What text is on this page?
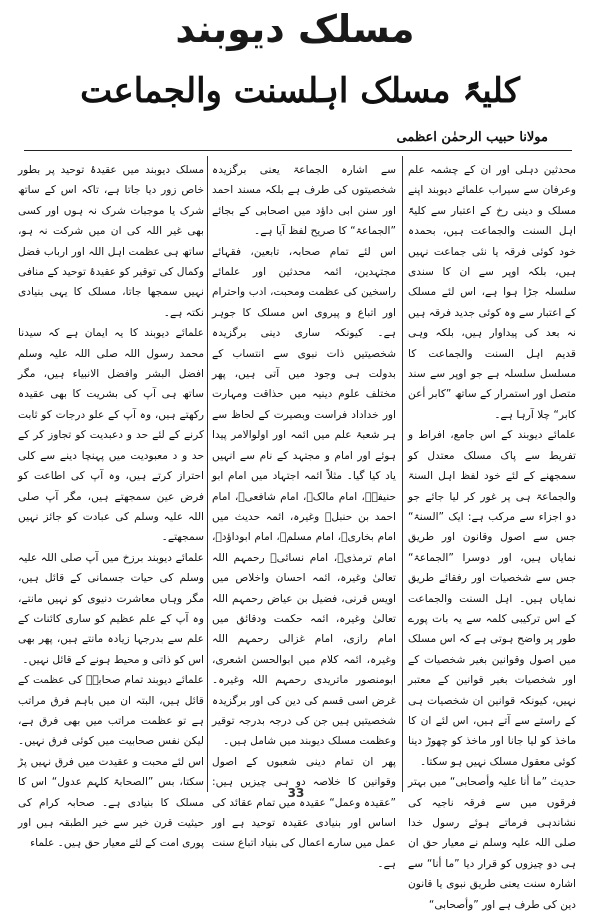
مسلک دیوبند
کلیۃً مسلک اہلسنت والجماعت
مولانا حبیب الرحمٰن اعظمی

محدثین دہلی اور ان کے چشمہ علم وعرفان سے سیراب علمائے دیوبند اپنے مسلک و دینی رخ کے اعتبار سے کلیۃً اہل السنت والجماعت ہیں، بحمدہ خود کوئی فرقہ یا نئی جماعت نہیں ہیں، بلکہ اوپر سے ان کا سندی سلسلہ جڑا ہوا ہے، اس لئے مسلک کے اعتبار سے وہ کوئی جدید فرقہ ہیں نہ بعد کی پیداوار ہیں، بلکہ وہی قدیم اہل السنت والجماعت کا مسلسل سلسلہ ہے جو اوپر سے سند متصل اور استمرار کے ساتھ ”کابر أعن کابر“ چلا آرہا ہے۔

علمائے دیوبند کے اس جامع، افراط و تفریط سے پاک مسلک معتدل کو سمجھنے کے لئے خود لفظ اہل السنۃ والجماعۃ ہی پر غور کر لیا جائے جو دو اجزاء سے مرکب ہے: ایک ”السنۃ“ جس سے اصول وقانون اور طریق نمایاں ہیں، اور دوسرا ”الجماعۃ“ جس سے شخصیات اور رفقائے طریق نمایاں ہیں۔ اہل السنت والجماعت کے اس ترکیبی کلمہ سے یہ بات پورے طور پر واضح ہوتی ہے کہ اس مسلک میں اصول وقوانین بغیر شخصیات کے اور شخصیات بغیر قوانین کے معتبر نہیں، کیونکہ قوانین ان شخصیات ہی کے راستے سے آتے ہیں، اس لئے ان کا ماخذ کو لیا جانا اور ماخذ کو چھوڑ دینا کوئی معقول مسلک نہیں ہو سکتا۔

حدیث ”ما أنا علیہ وأصحابی“ میں بہتر فرقوں میں سے فرقہ ناجیہ کی نشاندہی فرماتے ہوئے رسول خدا صلی اللہ علیہ وسلم نے معیار حق ان ہی دو چیزوں کو قرار دیا ”ما أنا“ سے اشارہ سنت یعنی طریق نبوی یا قانون دین کی طرف ہے اور ”وأصحابی“

سے اشارہ الجماعۃ یعنی برگزیدہ شخصیتوں کی طرف ہے بلکہ مسند احمد اور سنن ابی داؤد میں اصحابی کے بجائے ”الجماعۃ“ کا صریح لفظ آیا ہے۔

اس لئے تمام صحابہ، تابعین، فقہائے مجتہدین، ائمہ محدثین اور علمائے راسخین کی عظمت ومحبت، ادب واحترام اور اتباع و پیروی اس مسلک کا جوہر ہے۔ کیونکہ ساری دینی برگزیدہ شخصیتیں ذات نبوی سے انتساب کے بدولت ہی وجود میں آتی ہیں، پھر مختلف علوم دینیہ میں حذاقت ومہارت اور خداداد فراست وبصیرت کے لحاظ سے ہر شعبۂ علم میں ائمہ اور اولوالامر پیدا ہوئے اور امام و مجتہد کے نام سے انہیں یاد کیا گیا۔ مثلاً ائمہ اجتہاد میں امام ابو حنیفہؒ، امام مالکؒ، امام شافعیؒ، امام احمد بن حنبلؒ وغیرہ، ائمہ حدیث میں امام بخاریؒ، امام مسلمؒ، امام ابوداؤدؒ، امام ترمذیؒ، امام نسائیؒ رحمہم اللہ تعالیٰ وغیرہ، ائمہ احسان واخلاص میں اویس قرنی، فضیل بن عیاض رحمہم اللہ تعالیٰ وغیرہ، ائمہ حکمت ودقائق میں امام رازی، امام غزالی رحمہم اللہ وغیرہ، ائمہ کلام میں ابوالحسن اشعری، ابومنصور ماتریدی رحمہم اللہ وغیرہ۔ غرض اسی قسم کی دین کی اور برگزیدہ شخصیتیں ہیں جن کی درجہ بدرجہ توقیر وعظمت مسلک دیوبند میں شامل ہیں۔

پھر ان تمام دینی شعبوں کے اصول وقوانین کا خلاصہ دو ہی چیزیں ہیں: ”عقیدہ وعمل“ عقیدہ میں تمام عقائد کی اساس اور بنیادی عقیدہ توحید ہے اور عمل میں سارے اعمال کی بنیاد اتباع سنت ہے۔

مسلک دیوبند میں عقیدۂ توحید پر بطور خاص زور دیا جاتا ہے، تاکہ اس کے ساتھ شرک یا موجبات شرک نہ ہوں اور کسی بھی غیر اللہ کی ان میں شرکت نہ ہو، ساتھ ہی عظمت اہل اللہ اور ارباب فضل وکمال کی توقیر کو عقیدۂ توحید کے منافی نہیں سمجھا جاتا، مسلک کا یہی بنیادی نکتہ ہے۔

علمائے دیوبند کا یہ ایمان ہے کہ سیدنا محمد رسول اللہ صلی اللہ علیہ وسلم افضل البشر وافضل الانبیاء ہیں، مگر ساتھ ہی آپ کی بشریت کا بھی عقیدہ رکھتے ہیں، وہ آپ کے علو درجات کو ثابت کرنے کے لئے حد و دعبدیت کو تجاوز کر کے حد و د معبودیت میں پہنچا دینے سے کلی احتراز کرتے ہیں، وہ آپ کی اطاعت کو فرض عین سمجھتے ہیں، مگر آپ صلی اللہ علیہ وسلم کی عبادت کو جائز نہیں سمجھتے۔

علمائے دیوبند برزخ میں آپ صلی اللہ علیہ وسلم کی حیات جسمانی کے قائل ہیں، مگر وہاں معاشرت دنیوی کو نہیں مانتے، وہ آپ کے علم عظیم کو ساری کائنات کے علم سے بدرجہا زیادہ مانتے ہیں، پھر بھی اس کو ذاتی و محیط ہونے کے قائل نہیں۔

علمائے دیوبند تمام صحابہؓ کی عظمت کے قائل ہیں، البتہ ان میں باہم فرق مراتب ہے تو عظمت مراتب میں بھی فرق ہے، لیکن نفس صحابیت میں کوئی فرق نہیں۔ اس لئے محبت و عقیدت میں فرق نہیں پڑ سکتا، بس ”الصحابۃ کلہم عدول“ اس کا مسلک کا بنیادی ہے۔ صحابہ کرام کی حیثیت قرن خیر سے خیر الطبقہ ہیں اور پوری امت کے لئے معیار حق ہیں۔ علماء

33
